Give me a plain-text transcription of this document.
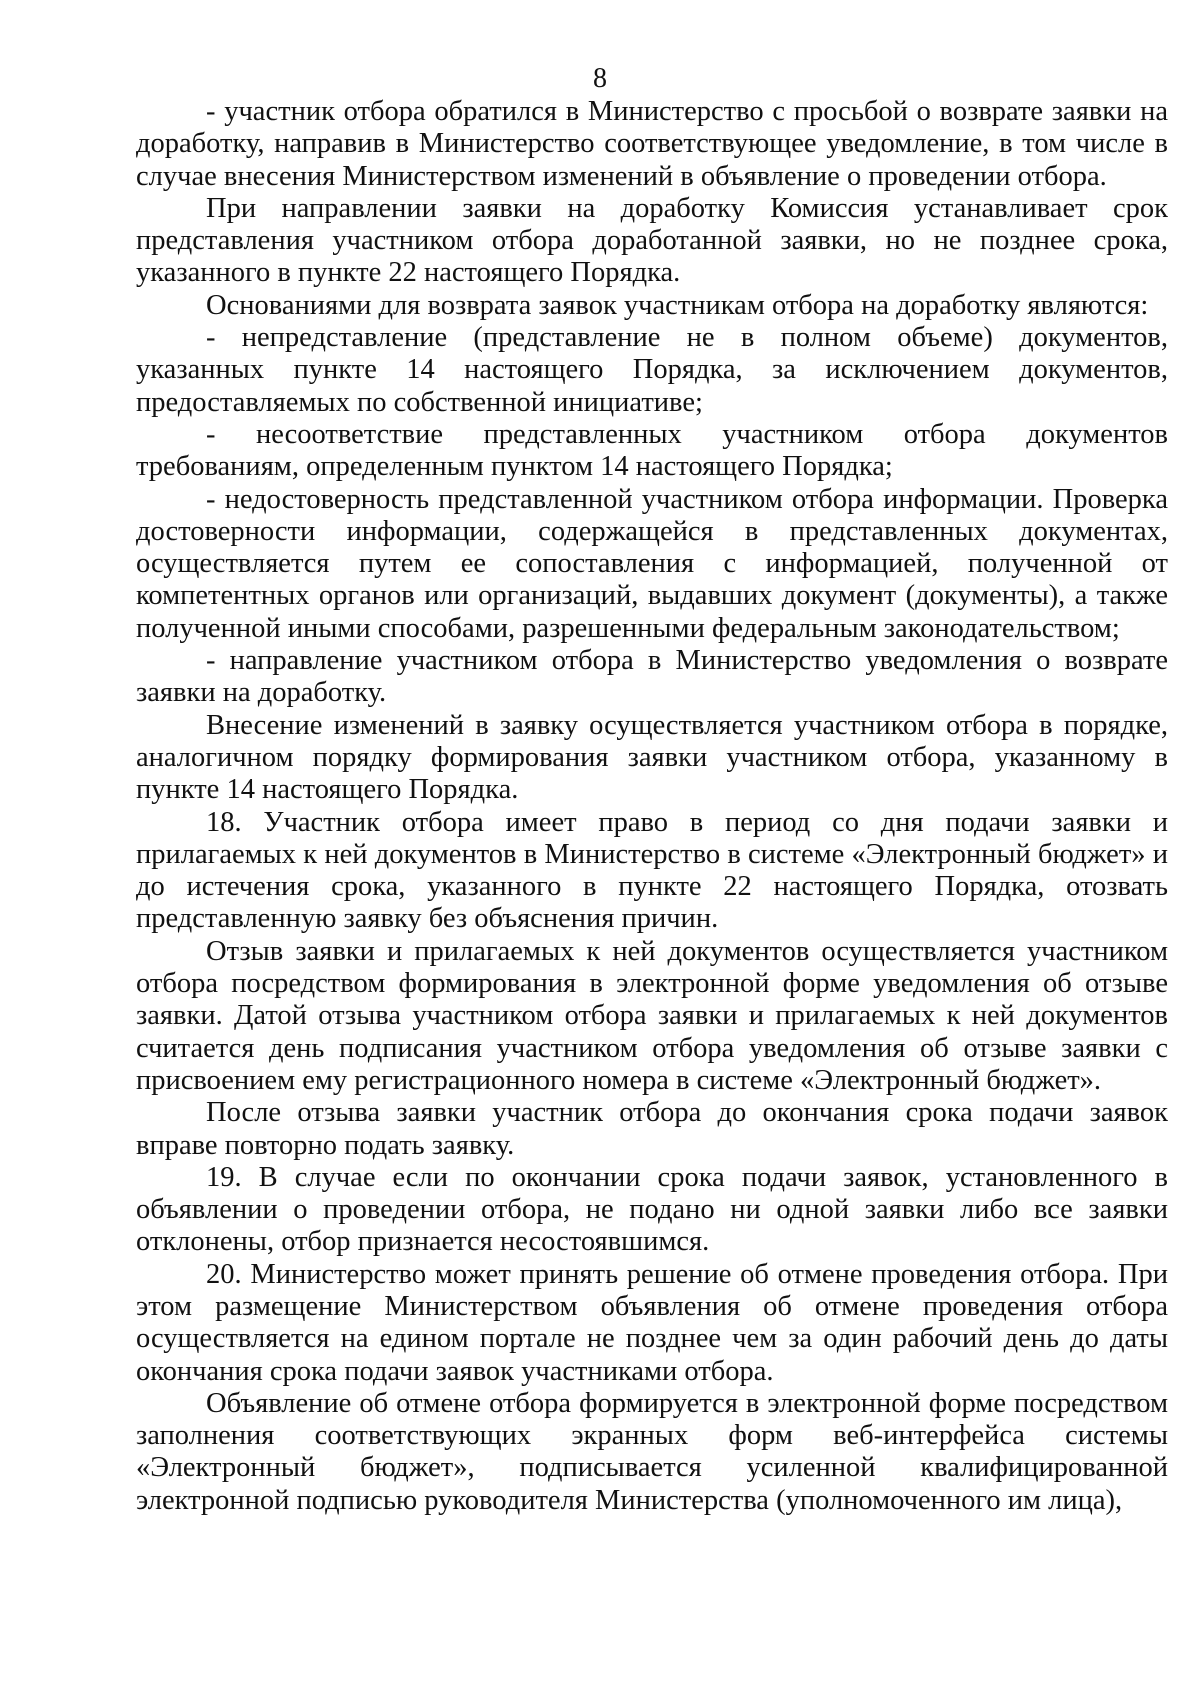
8

- участник отбора обратился в Министерство с просьбой о возврате заявки на доработку, направив в Министерство соответствующее уведомление, в том числе в случае внесения Министерством изменений в объявление о проведении отбора.

При направлении заявки на доработку Комиссия устанавливает срок представления участником отбора доработанной заявки, но не позднее срока, указанного в пункте 22 настоящего Порядка.

Основаниями для возврата заявок участникам отбора на доработку являются:

- непредставление (представление не в полном объеме) документов, указанных пункте 14 настоящего Порядка, за исключением документов, предоставляемых по собственной инициативе;

- несоответствие представленных участником отбора документов требованиям, определенным пунктом 14 настоящего Порядка;

- недостоверность представленной участником отбора информации. Проверка достоверности информации, содержащейся в представленных документах, осуществляется путем ее сопоставления с информацией, полученной от компетентных органов или организаций, выдавших документ (документы), а также полученной иными способами, разрешенными федеральным законодательством;

- направление участником отбора в Министерство уведомления о возврате заявки на доработку.

Внесение изменений в заявку осуществляется участником отбора в порядке, аналогичном порядку формирования заявки участником отбора, указанному в пункте 14 настоящего Порядка.

18. Участник отбора имеет право в период со дня подачи заявки и прилагаемых к ней документов в Министерство в системе «Электронный бюджет» и до истечения срока, указанного в пункте 22 настоящего Порядка, отозвать представленную заявку без объяснения причин.

Отзыв заявки и прилагаемых к ней документов осуществляется участником отбора посредством формирования в электронной форме уведомления об отзыве заявки. Датой отзыва участником отбора заявки и прилагаемых к ней документов считается день подписания участником отбора уведомления об отзыве заявки с присвоением ему регистрационного номера в системе «Электронный бюджет».

После отзыва заявки участник отбора до окончания срока подачи заявок вправе повторно подать заявку.

19. В случае если по окончании срока подачи заявок, установленного в объявлении о проведении отбора, не подано ни одной заявки либо все заявки отклонены, отбор признается несостоявшимся.

20. Министерство может принять решение об отмене проведения отбора. При этом размещение Министерством объявления об отмене проведения отбора осуществляется на едином портале не позднее чем за один рабочий день до даты окончания срока подачи заявок участниками отбора.

Объявление об отмене отбора формируется в электронной форме посредством заполнения соответствующих экранных форм веб-интерфейса системы «Электронный бюджет», подписывается усиленной квалифицированной электронной подписью руководителя Министерства (уполномоченного им лица),
